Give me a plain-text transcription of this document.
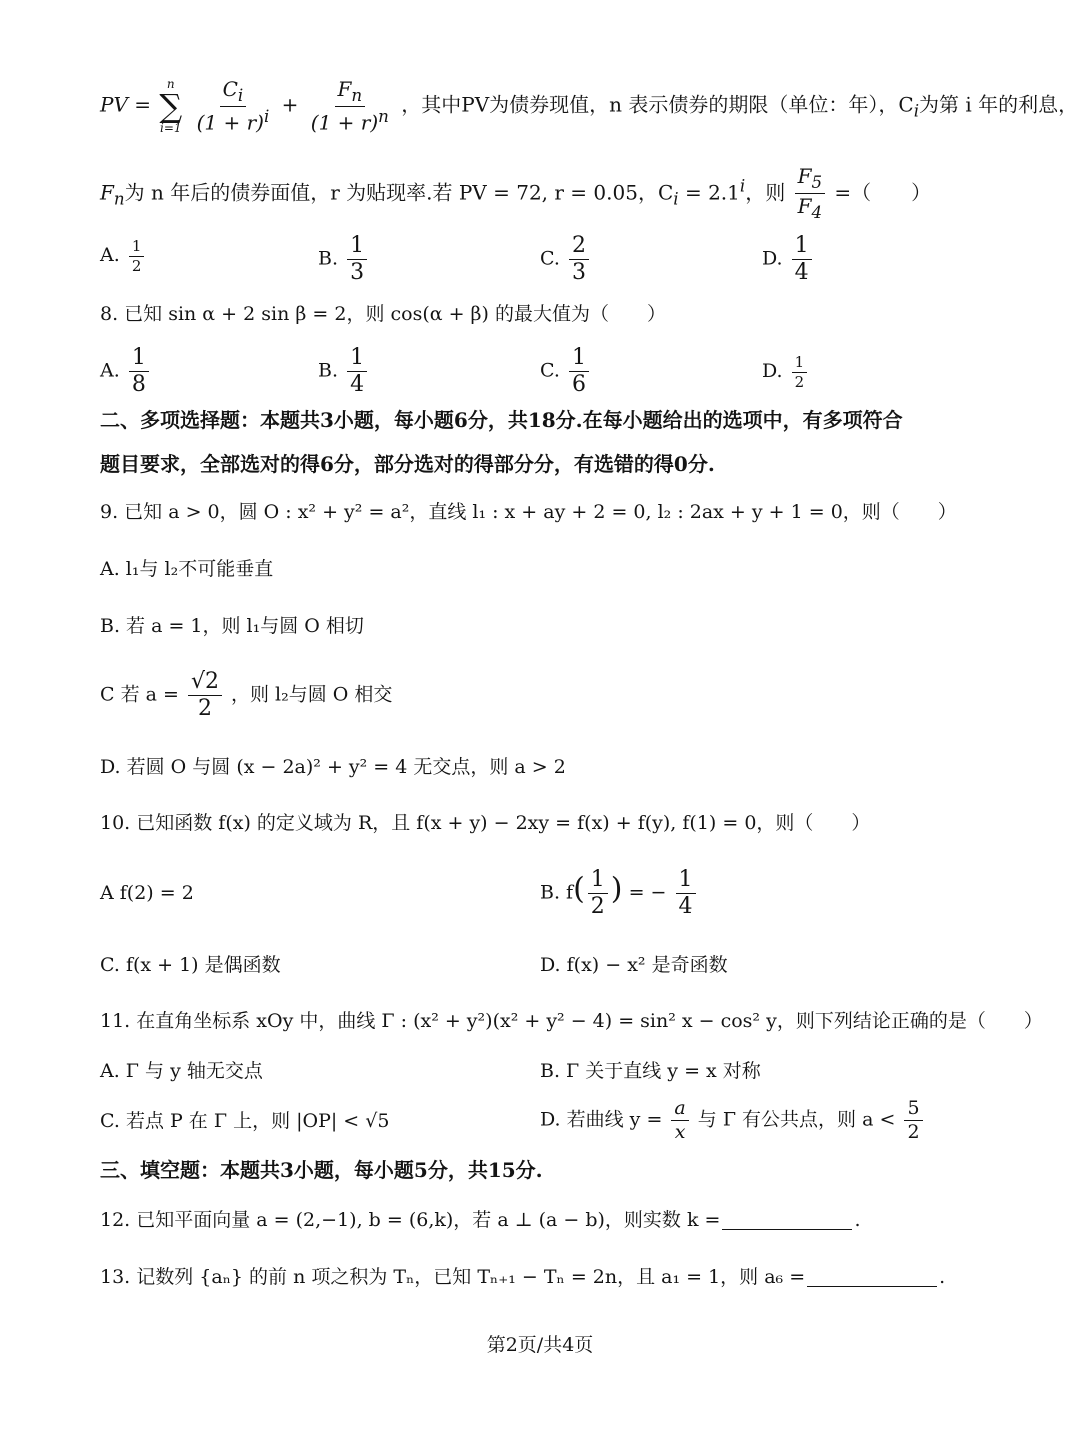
PV =
n
∑
i=1
$\frac{C_i}{(1 + r)^i} + \frac{F_n}{(1 + r)^n}$ ，其中PV为债券现值，n 表示债券的期限（单位：年），$C_i$为第 i 年的利息，
$F_n$为 n 年后的债券面值，r 为贴现率.若 PV = 72, r = 0.05，$C_i = 2.1^i$，则 $\frac{F_5}{F_4}$ =（　　）
A. $\frac{1}{2}$	B. $\frac{1}{3}$	C. $\frac{2}{3}$	D. $\frac{1}{4}$
8. 已知 sin α + 2 sin β = 2，则 cos(α + β) 的最大值为（　　）
A. $\frac{1}{8}$	B. $\frac{1}{4}$	C. $\frac{1}{6}$	D. $\frac{1}{2}$
二、多项选择题：本题共3小题，每小题6分，共18分.在每小题给出的选项中，有多项符合
题目要求，全部选对的得6分，部分选对的得部分分，有选错的得0分.
9. 已知 a > 0，圆 O : x² + y² = a²，直线 l₁ : x + ay + 2 = 0, l₂ : 2ax + y + 1 = 0，则（　　）
A. l₁与 l₂不可能垂直
B. 若 a = 1，则 l₁与圆 O 相切
C 若 $a = \frac{√2}{2}$ ，则 l₂与圆 O 相交
D. 若圆 O 与圆 (x − 2a)² + y² = 4 无交点，则 a > 2
10. 已知函数 f(x) 的定义域为 R，且 f(x + y) − 2xy = f(x) + f(y), f(1) = 0，则（　　）
A f(2) = 2	B. $f( \frac{1}{2}$ ) = − $\frac{1}{4}$
C. f(x + 1) 是偶函数	D. f(x) − x² 是奇函数
11. 在直角坐标系 xOy 中，曲线 Γ : (x² + y²)(x² + y² − 4) = sin² x − cos² y，则下列结论正确的是（　　）
A. Γ 与 y 轴无交点	B. Γ 关于直线 y = x 对称
C. 若点 P 在 Γ 上，则 |OP| < √5	D. 若曲线 $y = \frac{a}{x}$ 与 Γ 有公共点，则 $a < \frac{5}{2}$
三、填空题：本题共3小题，每小题5分，共15分.
12. 已知平面向量 a = (2,−1), b = (6,k)，若 a ⊥ (a − b)，则实数 k =	.
13. 记数列 {aₙ} 的前 n 项之积为 Tₙ，已知 Tₙ₊₁ − Tₙ = 2n，且 a₁ = 1，则 a₆ =	.
第2页/共4页
